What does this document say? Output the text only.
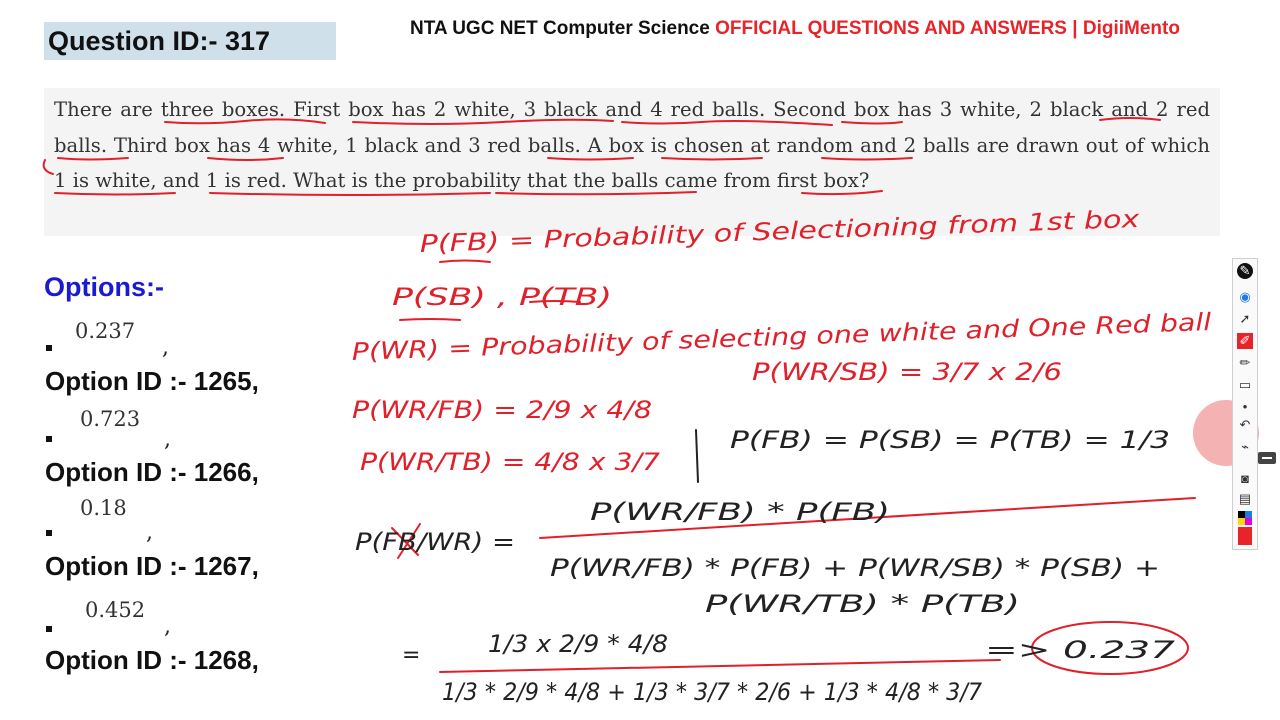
Question ID:- 317	NTA UGC NET Computer Science OFFICIAL QUESTIONS AND ANSWERS | DigiiMento
There are three boxes. First box has 2 white, 3 black and 4 red balls. Second box has 3 white, 2 black and 2 red balls. Third box has 4 white, 1 black and 3 red balls. A box is chosen at random and 2 balls are drawn out of which 1 is white, and 1 is red. What is the probability that the balls came from first box?
Options:-
0.237
,
Option ID :- 1265,
0.723
,
Option ID :- 1266,
0.18
,
Option ID :- 1267,
0.452
,
Option ID :- 1268,
P(FB) = Probability of Selectioning from 1st box
P(SB) , P(TB)
P(WR) = Probability of selecting one white and One Red ball
P(WR/SB) = 3/7 x 2/6
P(WR/FB) = 2/9 x 4/8
P(WR/TB) = 4/8 x 3/7
P(FB) = P(SB) = P(TB) = 1/3
P(FB/WR) =
P(WR/FB) * P(FB)
P(WR/FB) * P(FB) + P(WR/SB) * P(SB) +
P(WR/TB) * P(TB)
1/3 x 2/9 * 4/8
1/3 * 2/9 * 4/8 + 1/3 * 3/7 * 2/6 + 1/3 * 4/8 * 3/7
=> 0.237
=
✎
◉
➚
✐
✏
▭
•
↶
⌁
◙
▤
